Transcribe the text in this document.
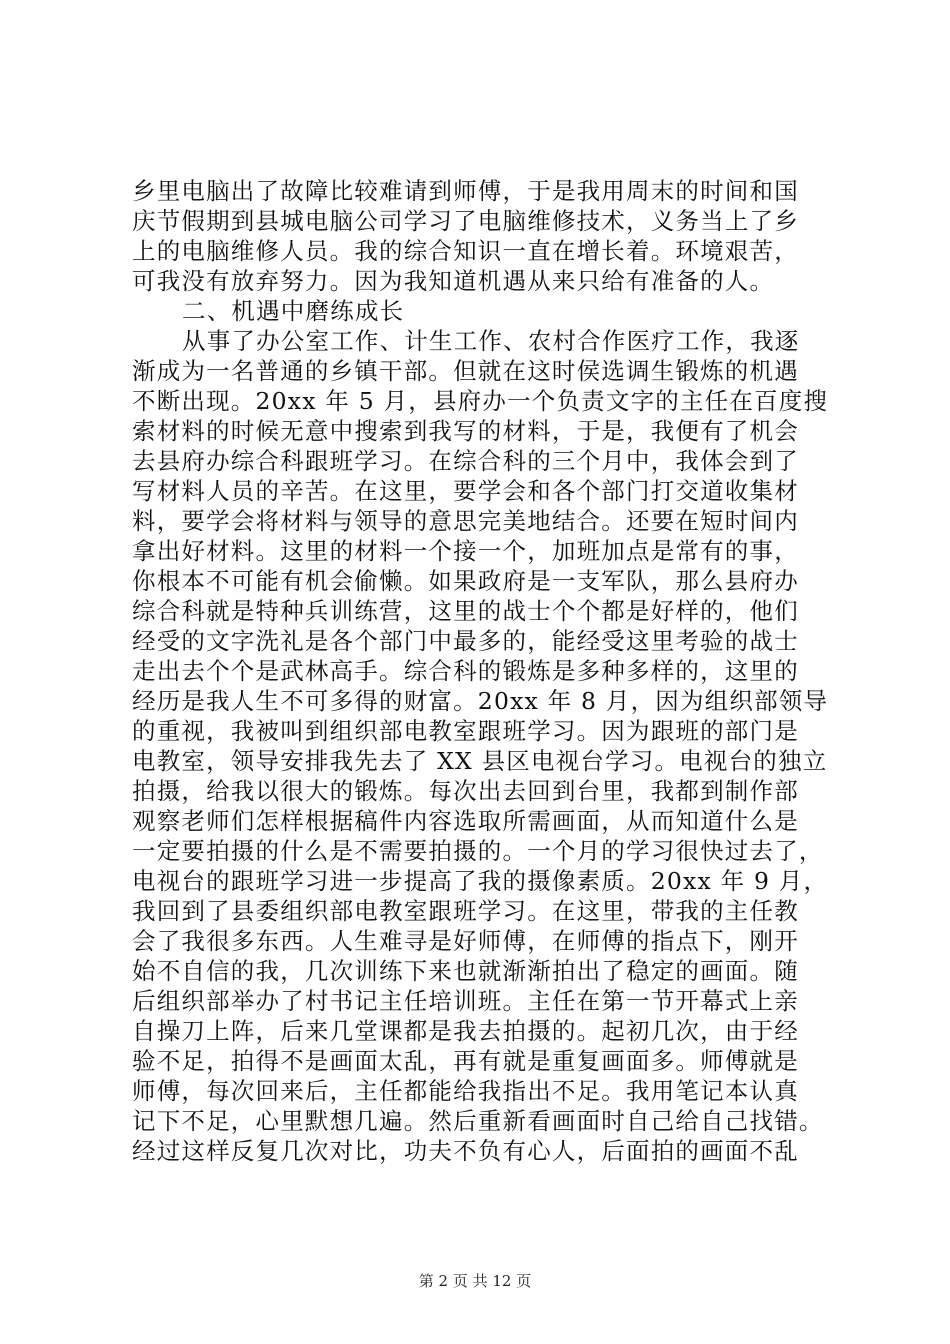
乡里电脑出了故障比较难请到师傅，于是我用周末的时间和国
庆节假期到县城电脑公司学习了电脑维修技术，义务当上了乡
上的电脑维修人员。我的综合知识一直在增长着。环境艰苦，
可我没有放弃努力。因为我知道机遇从来只给有准备的人。
二、机遇中磨练成长
从事了办公室工作、计生工作、农村合作医疗工作，我逐
渐成为一名普通的乡镇干部。但就在这时侯选调生锻炼的机遇
不断出现。20xx 年 5 月，县府办一个负责文字的主任在百度搜
索材料的时候无意中搜索到我写的材料，于是，我便有了机会
去县府办综合科跟班学习。在综合科的三个月中，我体会到了
写材料人员的辛苦。在这里，要学会和各个部门打交道收集材
料，要学会将材料与领导的意思完美地结合。还要在短时间内
拿出好材料。这里的材料一个接一个，加班加点是常有的事，
你根本不可能有机会偷懒。如果政府是一支军队，那么县府办
综合科就是特种兵训练营，这里的战士个个都是好样的，他们
经受的文字洗礼是各个部门中最多的，能经受这里考验的战士
走出去个个是武林高手。综合科的锻炼是多种多样的，这里的
经历是我人生不可多得的财富。20xx 年 8 月，因为组织部领导
的重视，我被叫到组织部电教室跟班学习。因为跟班的部门是
电教室，领导安排我先去了 XX 县区电视台学习。电视台的独立
拍摄，给我以很大的锻炼。每次出去回到台里，我都到制作部
观察老师们怎样根据稿件内容选取所需画面，从而知道什么是
一定要拍摄的什么是不需要拍摄的。一个月的学习很快过去了，
电视台的跟班学习进一步提高了我的摄像素质。20xx 年 9 月，
我回到了县委组织部电教室跟班学习。在这里，带我的主任教
会了我很多东西。人生难寻是好师傅，在师傅的指点下，刚开
始不自信的我，几次训练下来也就渐渐拍出了稳定的画面。随
后组织部举办了村书记主任培训班。主任在第一节开幕式上亲
自操刀上阵，后来几堂课都是我去拍摄的。起初几次，由于经
验不足，拍得不是画面太乱，再有就是重复画面多。师傅就是
师傅，每次回来后，主任都能给我指出不足。我用笔记本认真
记下不足，心里默想几遍。然后重新看画面时自己给自己找错。
经过这样反复几次对比，功夫不负有心人，后面拍的画面不乱
第 2 页 共 12 页
